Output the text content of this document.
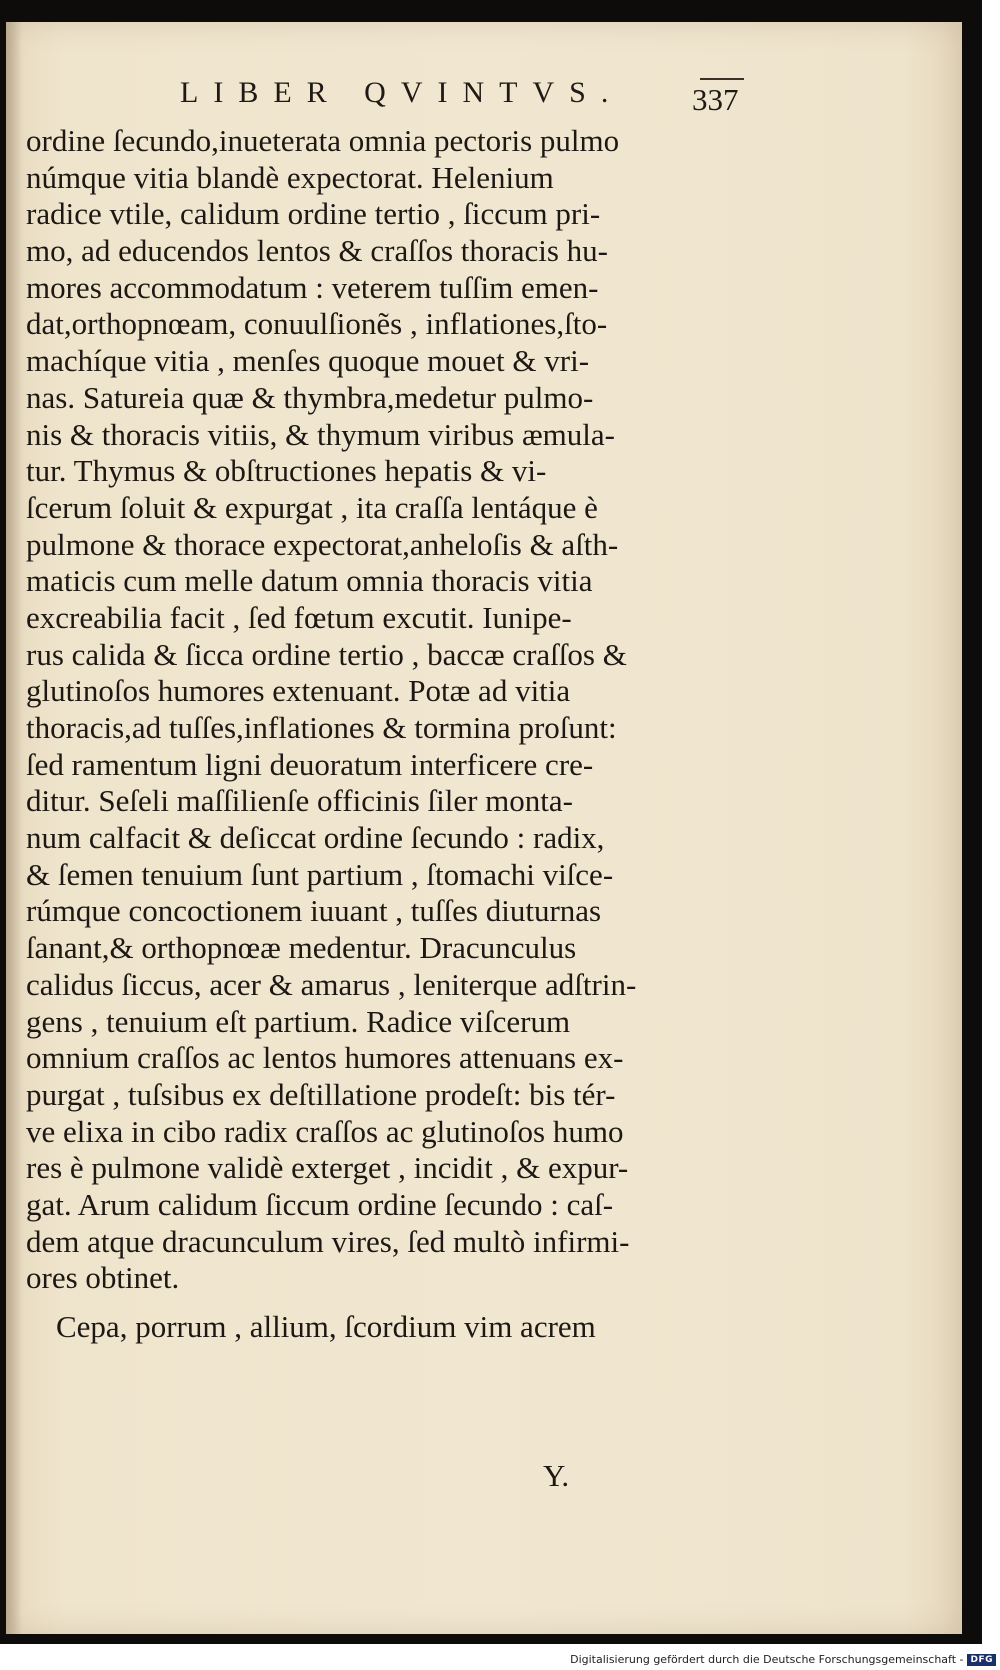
LIBER QVINTVS. 337
ordine ſecundo,inueterata omnia pectoris pulmo
númque vitia blandè expectorat. Helenium
radice vtile, calidum ordine tertio , ſiccum pri-
mo, ad educendos lentos & craſſos thoracis hu-
mores accommodatum : veterem tuſſim emen-
dat,orthopnœam, conuulſionẽs , inflationes,ſto-
machíque vitia , menſes quoque mouet & vri-
nas. Satureia quæ & thymbra,medetur pulmo-
nis & thoracis vitiis, & thymum viribus æmula-
tur. Thymus & obſtructiones hepatis & vi-
ſcerum ſoluit & expurgat , ita craſſa lentáque è
pulmone & thorace expectorat,anheloſis & aſth-
maticis cum melle datum omnia thoracis vitia
excreabilia facit , ſed fœtum excutit. Iunipe-
rus calida & ſicca ordine tertio , baccæ craſſos &
glutinoſos humores extenuant. Potæ ad vitia
thoracis,ad tuſſes,inflationes & tormina proſunt:
ſed ramentum ligni deuoratum interficere cre-
ditur. Seſeli maſſilienſe officinis ſiler monta-
num calfacit & deſiccat ordine ſecundo : radix,
& ſemen tenuium ſunt partium , ſtomachi viſce-
rúmque concoctionem iuuant , tuſſes diuturnas
ſanant,& orthopnœæ medentur. Dracunculus
calidus ſiccus, acer & amarus , leniterque adſtrin-
gens , tenuium eſt partium. Radice viſcerum
omnium craſſos ac lentos humores attenuans ex-
purgat , tuſsibus ex deſtillatione prodeſt: bis tér-
ve elixa in cibo radix craſſos ac glutinoſos humo
res è pulmone validè exterget , incidit , & expur-
gat. Arum calidum ſiccum ordine ſecundo : caſ-
dem atque dracunculum vires, ſed multò infirmi-
ores obtinet.
Cepa, porrum , allium, ſcordium vim acrem
Y.
Digitalisierung gefördert durch die Deutsche Forschungsgemeinschaft - DFG
